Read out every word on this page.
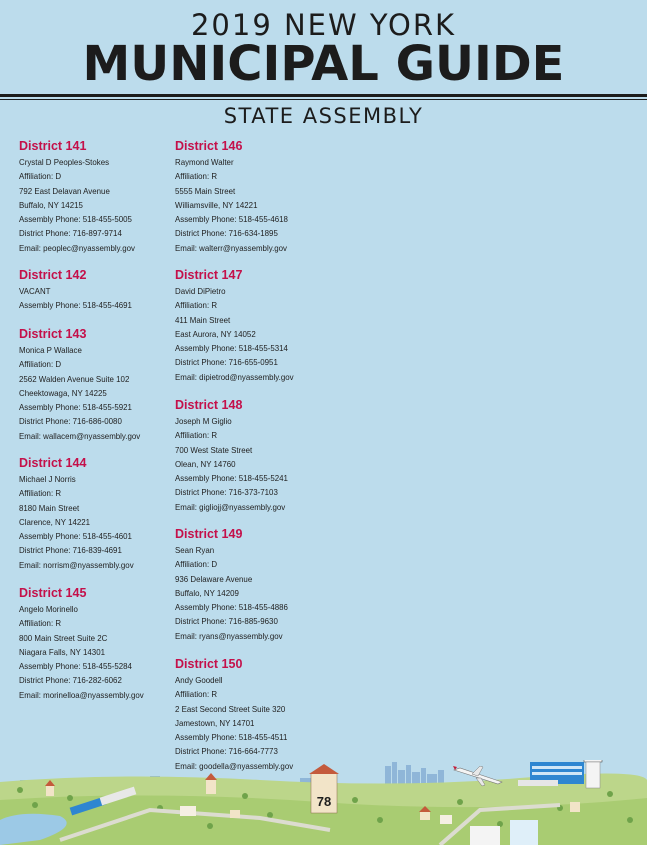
2019 NEW YORK
MUNICIPAL GUIDE
STATE ASSEMBLY
District 141
Crystal D Peoples-Stokes
Affiliation: D
792 East Delavan Avenue
Buffalo, NY 14215
Assembly Phone: 518-455-5005
District Phone: 716-897-9714
Email: peoplec@nyassembly.gov
District 142
VACANT
Assembly Phone: 518-455-4691
District 143
Monica P Wallace
Affiliation: D
2562 Walden Avenue Suite 102
Cheektowaga, NY 14225
Assembly Phone: 518-455-5921
District Phone: 716-686-0080
Email: wallacem@nyassembly.gov
District 144
Michael J Norris
Affiliation: R
8180 Main Street
Clarence, NY 14221
Assembly Phone: 518-455-4601
District Phone: 716-839-4691
Email: norrism@nyassembly.gov
District 145
Angelo Morinello
Affiliation: R
800 Main Street Suite 2C
Niagara Falls, NY 14301
Assembly Phone: 518-455-5284
District Phone: 716-282-6062
Email: morinelloa@nyassembly.gov
District 146
Raymond Walter
Affiliation: R
5555 Main Street
Williamsville, NY 14221
Assembly Phone: 518-455-4618
District Phone: 716-634-1895
Email: walterr@nyassembly.gov
District 147
David DiPietro
Affiliation: R
411 Main Street
East Aurora, NY 14052
Assembly Phone: 518-455-5314
District Phone: 716-655-0951
Email: dipietrod@nyassembly.gov
District 148
Joseph M Giglio
Affiliation: R
700 West State Street
Olean, NY 14760
Assembly Phone: 518-455-5241
District Phone: 716-373-7103
Email: gigliojj@nyassembly.gov
District 149
Sean Ryan
Affiliation: D
936 Delaware Avenue
Buffalo, NY 14209
Assembly Phone: 518-455-4886
District Phone: 716-885-9630
Email: ryans@nyassembly.gov
District 150
Andy Goodell
Affiliation: R
2 East Second Street Suite 320
Jamestown, NY 14701
Assembly Phone: 518-455-4511
District Phone: 716-664-7773
Email: goodella@nyassembly.gov
78
